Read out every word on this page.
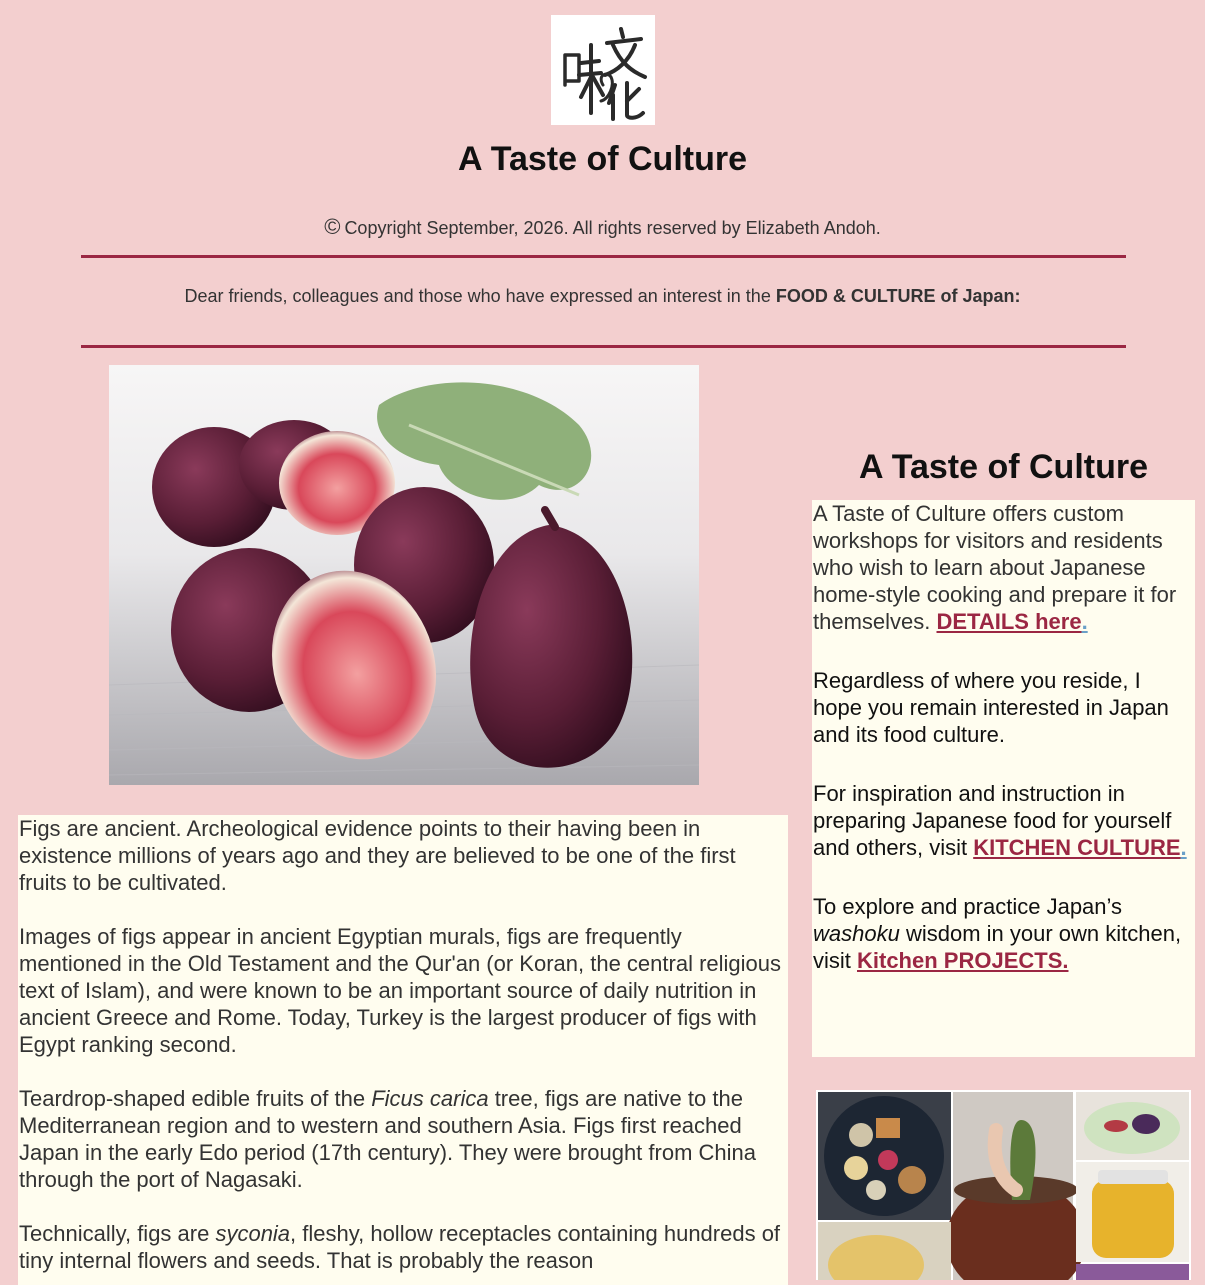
A Taste of Culture
© Copyright September, 2026. All rights reserved by Elizabeth Andoh.
Dear friends, colleagues and those who have expressed an interest in the FOOD & CULTURE of Japan:

Figs are ancient. Archeological evidence points to their having been in existence millions of years ago and they are believed to be one of the first fruits to be cultivated.

Images of figs appear in ancient Egyptian murals, figs are frequently mentioned in the Old Testament and the Qur'an (or Koran, the central religious text of Islam), and were known to be an important source of daily nutrition in ancient Greece and Rome. Today, Turkey is the largest producer of figs with Egypt ranking second.

Teardrop-shaped edible fruits of the Ficus carica tree, figs are native to the Mediterranean region and to western and southern Asia. Figs first reached Japan in the early Edo period (17th century). They were brought from China through the port of Nagasaki.

Technically, figs are syconia, fleshy, hollow receptacles containing hundreds of tiny internal flowers and seeds. That is probably the reason

A Taste of Culture

A Taste of Culture offers custom workshops for visitors and residents who wish to learn about Japanese home-style cooking and prepare it for themselves. DETAILS here.

Regardless of where you reside, I hope you remain interested in Japan and its food culture.

For inspiration and instruction in preparing Japanese food for yourself and others, visit KITCHEN CULTURE.

To explore and practice Japan’s washoku wisdom in your own kitchen, visit Kitchen PROJECTS.
